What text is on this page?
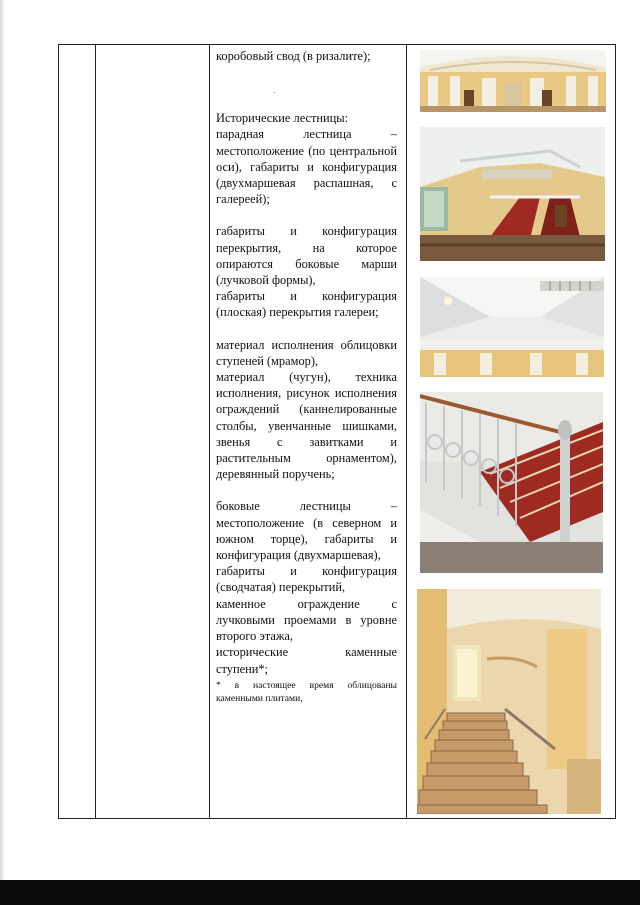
коробовый свод (в ризалите);

Исторические лестницы:

парадная лестница – местоположение (по центральной оси), габариты и конфигурация (двухмаршевая распашная, с галереей);

габариты и конфигурация перекрытия, на которое опираются боковые марши (лучковой формы),

габариты и конфигурация (плоская) перекрытия галереи;

материал исполнения облицовки ступеней (мрамор),

материал (чугун), техника исполнения, рисунок исполнения ограждений (каннелированные столбы, увенчанные шишками, звенья с завитками и растительным орнаментом), деревянный поручень;

боковые лестницы – местоположение (в северном и южном торце), габариты и конфигурация (двухмаршевая),

габариты и конфигурация (сводчатая) перекрытий,

каменное ограждение с лучковыми проемами в уровне второго этажа,

исторические каменные ступени*;

* в настоящее время облицованы каменными плитами,
